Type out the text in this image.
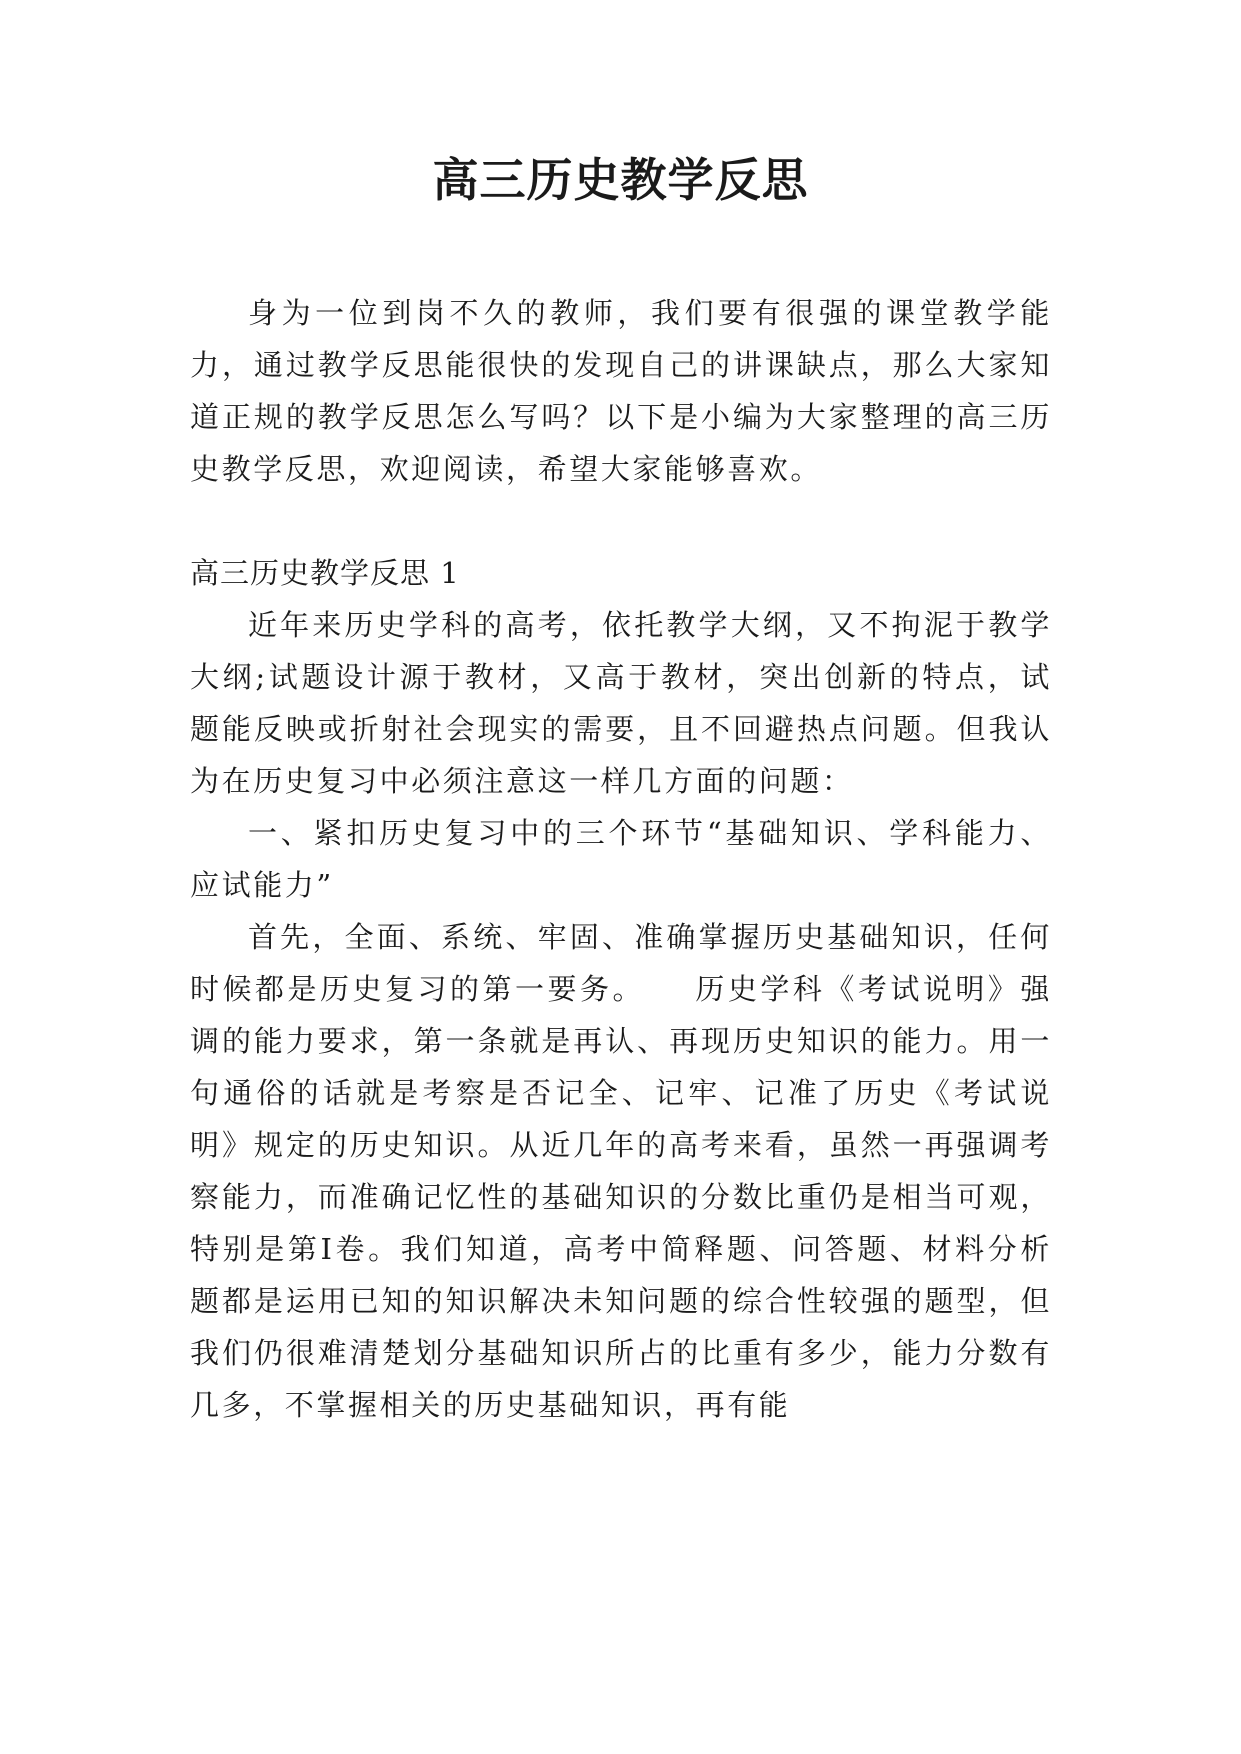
高三历史教学反思

身为一位到岗不久的教师，我们要有很强的课堂教学能力，通过教学反思能很快的发现自己的讲课缺点，那么大家知道正规的教学反思怎么写吗？以下是小编为大家整理的高三历史教学反思，欢迎阅读，希望大家能够喜欢。

高三历史教学反思 1

近年来历史学科的高考，依托教学大纲，又不拘泥于教学大纲;试题设计源于教材，又高于教材，突出创新的特点，试题能反映或折射社会现实的需要，且不回避热点问题。但我认为在历史复习中必须注意这一样几方面的问题：

一、紧扣历史复习中的三个环节“基础知识、学科能力、应试能力”

首先，全面、系统、牢固、准确掌握历史基础知识，任何时候都是历史复习的第一要务。　　历史学科《考试说明》强调的能力要求，第一条就是再认、再现历史知识的能力。用一句通俗的话就是考察是否记全、记牢、记准了历史《考试说明》规定的历史知识。从近几年的高考来看，虽然一再强调考察能力，而准确记忆性的基础知识的分数比重仍是相当可观，特别是第Ⅰ卷。我们知道，高考中简释题、问答题、材料分析题都是运用已知的知识解决未知问题的综合性较强的题型，但我们仍很难清楚划分基础知识所占的比重有多少，能力分数有几多，不掌握相关的历史基础知识，再有能
